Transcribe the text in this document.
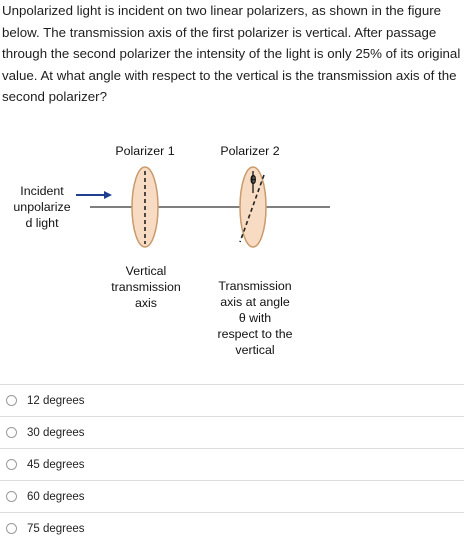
Unpolarized light is incident on two linear polarizers, as shown in the figure below. The transmission axis of the first polarizer is vertical. After passage through the second polarizer the intensity of the light is only 25% of its original value. At what angle with respect to the vertical is the transmission axis of the second polarizer?
θ
Polarizer 1	Polarizer 2
Incident
unpolarize
d light
Vertical
transmission
axis
Transmission
axis at angle
θ with
respect to the
vertical
12 degrees
30 degrees
45 degrees
60 degrees
75 degrees
